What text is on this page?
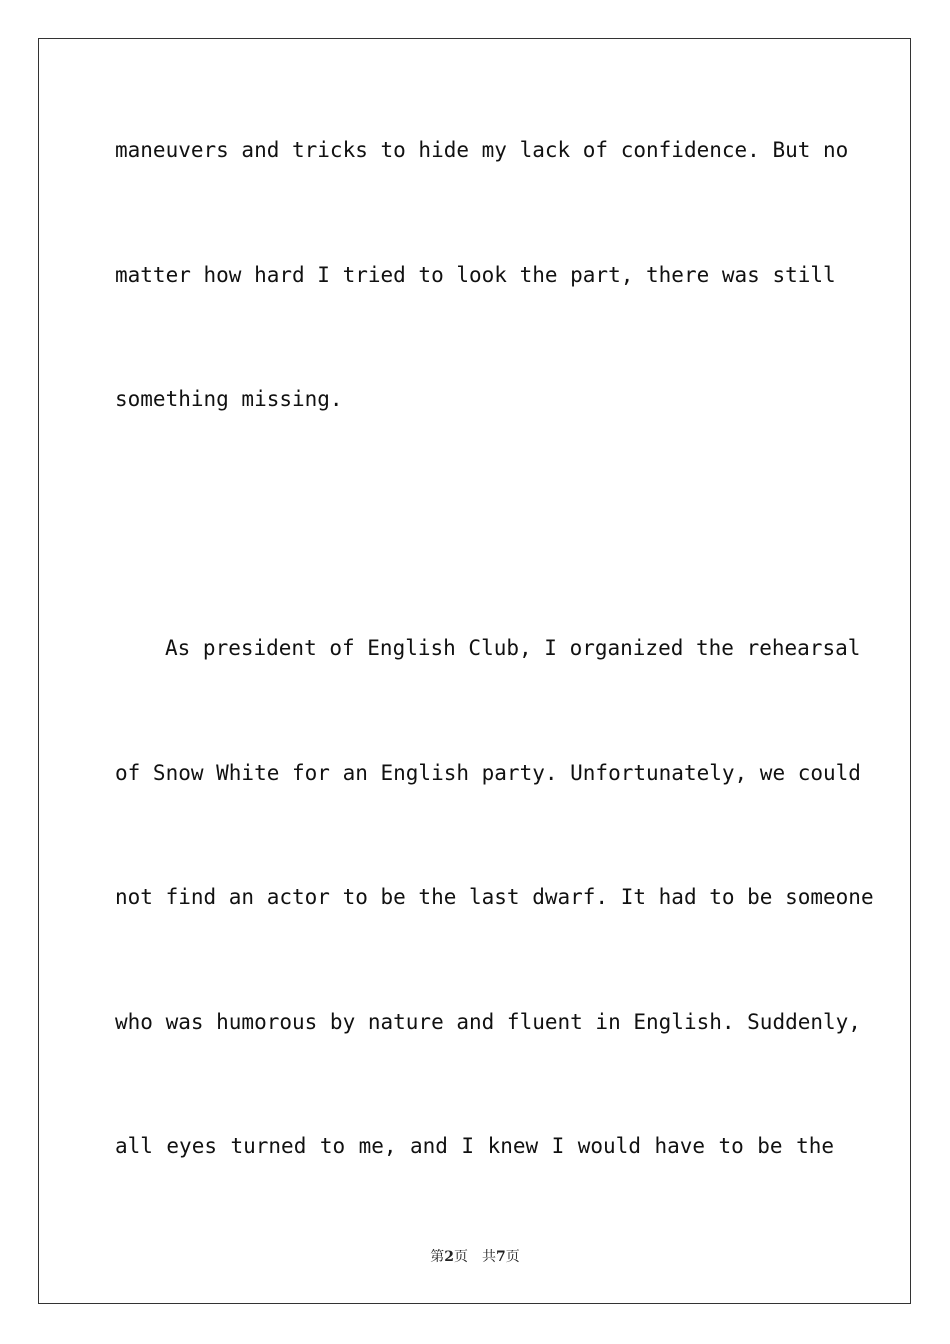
maneuvers and tricks to hide my lack of confidence. But no
matter how hard I tried to look the part, there was still
something missing.
As president of English Club, I organized the rehearsal
of Snow White for an English party. Unfortunately, we could
not find an actor to be the last dwarf. It had to be someone
who was humorous by nature and fluent in English. Suddenly,
all eyes turned to me, and I knew I would have to be the
第2页 共7页
